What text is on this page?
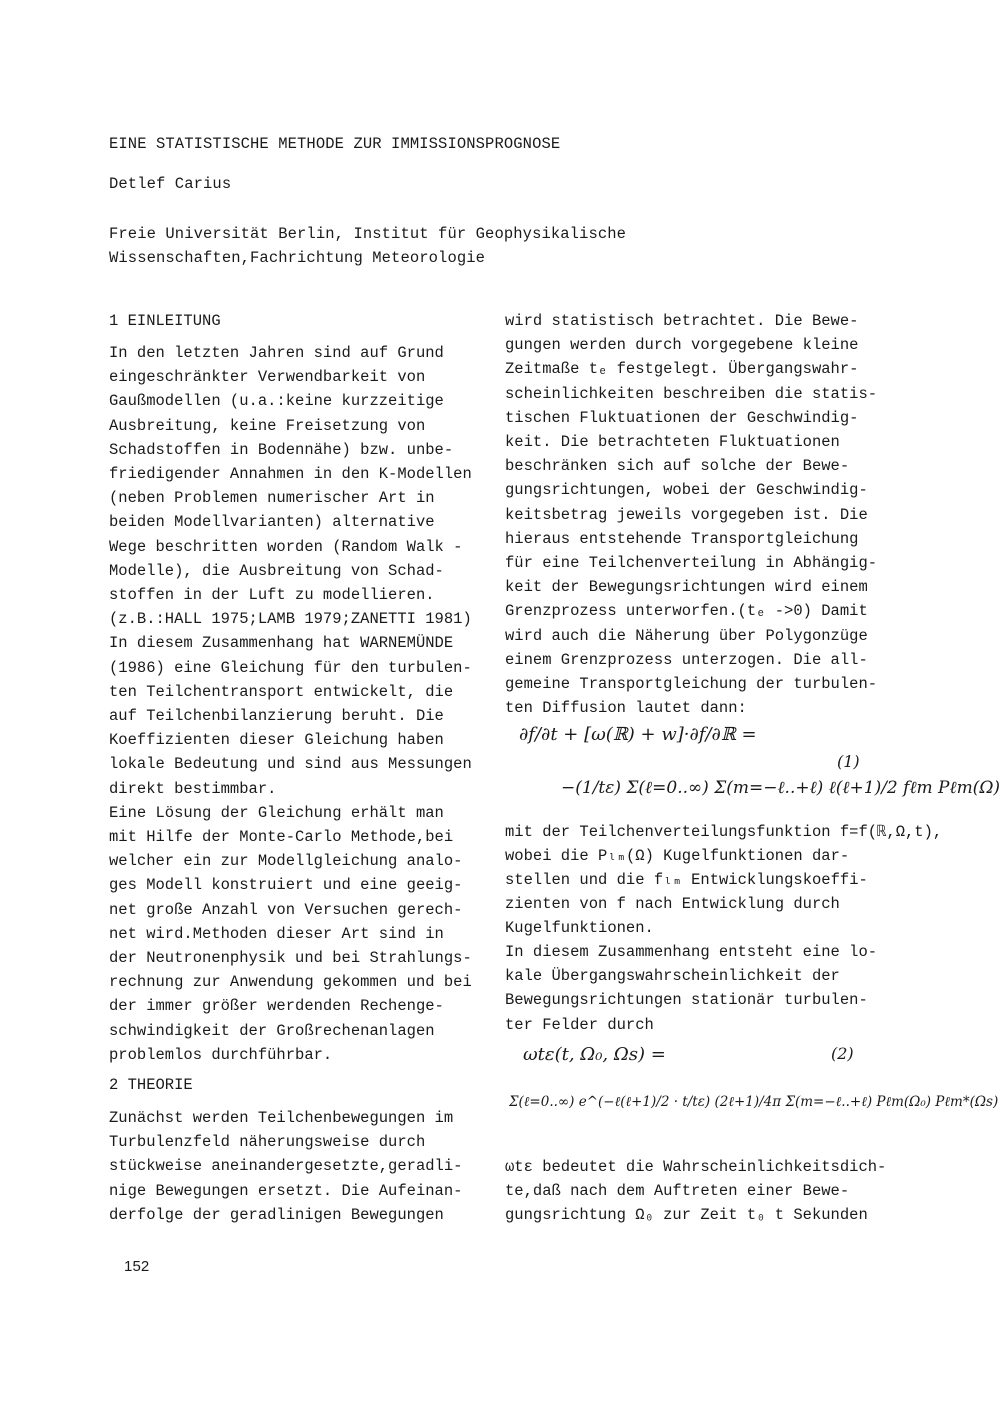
EINE STATISTISCHE METHODE ZUR IMMISSIONSPROGNOSE
Detlef Carius
Freie Universität Berlin, Institut für Geophysikalische
Wissenschaften,Fachrichtung Meteorologie
1 EINLEITUNG
In den letzten Jahren sind auf Grund
eingeschränkter Verwendbarkeit von
Gaußmodellen (u.a.:keine kurzzeitige
Ausbreitung, keine Freisetzung von
Schadstoffen in Bodennähe) bzw. unbe-
friedigender Annahmen in den K-Modellen
(neben Problemen numerischer Art in
beiden Modellvarianten) alternative
Wege beschritten worden (Random Walk -
Modelle), die Ausbreitung von Schad-
stoffen in der Luft zu modellieren.
(z.B.:HALL 1975;LAMB 1979;ZANETTI 1981)
In diesem Zusammenhang hat WARNEMÜNDE
(1986) eine Gleichung für den turbulen-
ten Teilchentransport entwickelt, die
auf Teilchenbilanzierung beruht. Die
Koeffizienten dieser Gleichung haben
lokale Bedeutung und sind aus Messungen
direkt bestimmbar.
Eine Lösung der Gleichung erhält man
mit Hilfe der Monte-Carlo Methode,bei
welcher ein zur Modellgleichung analo-
ges Modell konstruiert und eine geeig-
net große Anzahl von Versuchen gerech-
net wird.Methoden dieser Art sind in
der Neutronenphysik und bei Strahlungs-
rechnung zur Anwendung gekommen und bei
der immer größer werdenden Rechenge-
schwindigkeit der Großrechenanlagen
problemlos durchführbar.
2 THEORIE
Zunächst werden Teilchenbewegungen im
Turbulenzfeld näherungsweise durch
stückweise aneinandergesetzte,geradli-
nige Bewegungen ersetzt. Die Aufeinan-
derfolge der geradlinigen Bewegungen
wird statistisch betrachtet. Die Bewe-
gungen werden durch vorgegebene kleine
Zeitmaße tₑ festgelegt. Übergangswahr-
scheinlichkeiten beschreiben die statis-
tischen Fluktuationen der Geschwindig-
keit. Die betrachteten Fluktuationen
beschränken sich auf solche der Bewe-
gungsrichtungen, wobei der Geschwindig-
keitsbetrag jeweils vorgegeben ist. Die
hieraus entstehende Transportgleichung
für eine Teilchenverteilung in Abhängig-
keit der Bewegungsrichtungen wird einem
Grenzprozess unterworfen.(tₑ ->0) Damit
wird auch die Näherung über Polygonzüge
einem Grenzprozess unterzogen. Die all-
gemeine Transportgleichung der turbulen-
ten Diffusion lautet dann:
∂f/∂t + [ω(ℝ) + w]·∂f/∂ℝ =
(1)
−(1/tε) Σ(ℓ=0..∞) Σ(m=−ℓ..+ℓ) ℓ(ℓ+1)/2 fℓm Pℓm(Ω)
mit der Teilchenverteilungsfunktion f=f(ℝ,Ω,t),
wobei die Pₗₘ(Ω) Kugelfunktionen dar-
stellen und die fₗₘ Entwicklungskoeffi-
zienten von f nach Entwicklung durch
Kugelfunktionen.
In diesem Zusammenhang entsteht eine lo-
kale Übergangswahrscheinlichkeit der
Bewegungsrichtungen stationär turbulen-
ter Felder durch
ωtε(t, Ω₀, Ωs) =	(2)
Σ(ℓ=0..∞) e^(−ℓ(ℓ+1)/2 · t/tε) (2ℓ+1)/4π Σ(m=−ℓ..+ℓ) Pℓm(Ω₀) Pℓm*(Ωs)
ωtε bedeutet die Wahrscheinlichkeitsdich-
te,daß nach dem Auftreten einer Bewe-
gungsrichtung Ω₀ zur Zeit t₀ t Sekunden
152
